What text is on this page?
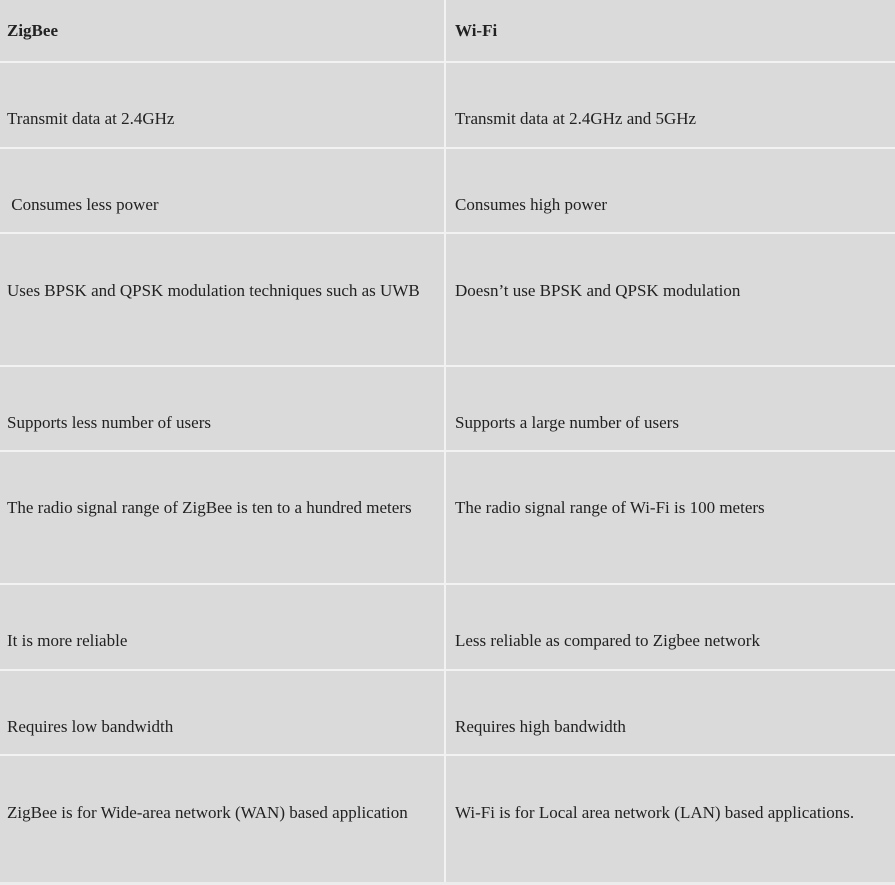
ZigBee	Wi-Fi
Transmit data at 2.4GHz	Transmit data at 2.4GHz and 5GHz
Consumes less power	Consumes high power
Uses BPSK and QPSK modulation techniques such as UWB	Doesn’t use BPSK and QPSK modulation
Supports less number of users	Supports a large number of users
The radio signal range of ZigBee is ten to a hundred meters	The radio signal range of Wi-Fi is 100 meters
It is more reliable	Less reliable as compared to Zigbee network
Requires low bandwidth	Requires high bandwidth
ZigBee is for Wide-area network (WAN) based application	Wi-Fi is for Local area network (LAN) based applications.
